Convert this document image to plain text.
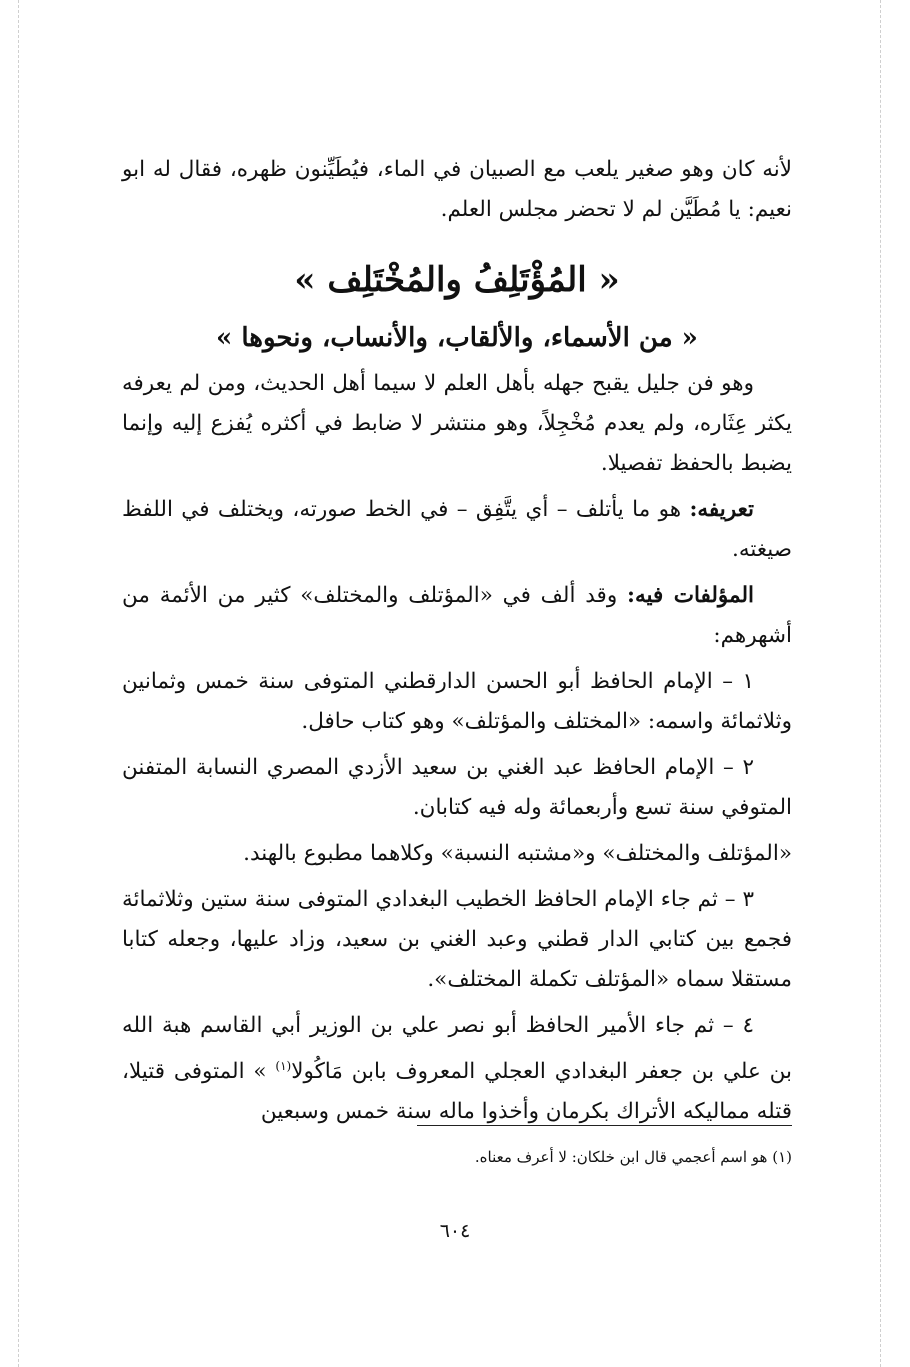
لأنه كان وهو صغير يلعب مع الصبيان في الماء، فيُطَيِّنون ظهره، فقال له ابو نعيم: يا مُطَيَّن لم لا تحضر مجلس العلم.

« المُؤْتَلِفُ والمُخْتَلِف »
« من الأسماء، والألقاب، والأنساب، ونحوها »

وهو فن جليل يقبح جهله بأهل العلم لا سيما أهل الحديث، ومن لم يعرفه يكثر عِثَاره، ولم يعدم مُخْجِلاً، وهو منتشر لا ضابط في أكثره يُفزع إليه وإنما يضبط بالحفظ تفصيلا.

تعريفه: هو ما يأتلف – أي يتَّفِق – في الخط صورته، ويختلف في اللفظ صيغته.

المؤلفات فيه: وقد ألف في «المؤتلف والمختلف» كثير من الأئمة من أشهرهم:

١ – الإمام الحافظ أبو الحسن الدارقطني المتوفى سنة خمس وثمانين وثلاثمائة واسمه: «المختلف والمؤتلف» وهو كتاب حافل.

٢ – الإمام الحافظ عبد الغني بن سعيد الأزدي المصري النسابة المتفنن المتوفي سنة تسع وأربعمائة وله فيه كتابان.

«المؤتلف والمختلف» و«مشتبه النسبة» وكلاهما مطبوع بالهند.

٣ – ثم جاء الإمام الحافظ الخطيب البغدادي المتوفى سنة ستين وثلاثمائة فجمع بين كتابي الدار قطني وعبد الغني بن سعيد، وزاد عليها، وجعله كتابا مستقلا سماه «المؤتلف تكملة المختلف».

٤ – ثم جاء الأمير الحافظ أبو نصر علي بن الوزير أبي القاسم هبة الله بن علي بن جعفر البغدادي العجلي المعروف بابن مَاكُولا$^{(١)}$ » المتوفى قتيلا، قتله مماليكه الأتراك بكرمان وأخذوا ماله سنة خمس وسبعين

(١) هو اسم أعجمي قال ابن خلكان: لا أعرف معناه.
٦٠٤
